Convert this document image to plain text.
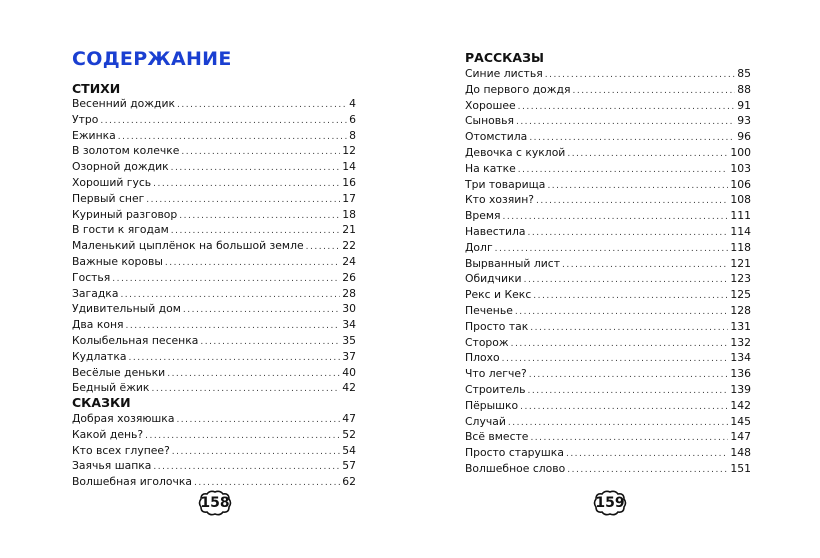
СОДЕРЖАНИЕ
СТИХИ
Весенний дождик .....	4
Утро .....	6
Ежинка .....	8
В золотом колечке .....	12
Озорной дождик .....	14
Хороший гусь .....	16
Первый снег .....	17
Куриный разговор .....	18
В гости к ягодам .....	21
Маленький цыплёнок на большой земле .....	22
Важные коровы .....	24
Гостья .....	26
Загадка .....	28
Удивительный дом .....	30
Два коня .....	34
Колыбельная песенка .....	35
Кудлатка .....	37
Весёлые деньки .....	40
Бедный ёжик .....	42
СКАЗКИ
Добрая хозяюшка .....	47
Какой день? .....	52
Кто всех глупее? .....	54
Заячья шапка .....	57
Волшебная иголочка .....	62
158
РАССКАЗЫ
Синие листья .....	85
До первого дождя .....	88
Хорошее .....	91
Сыновья .....	93
Отомстила .....	96
Девочка с куклой .....	100
На катке .....	103
Три товарища .....	106
Кто хозяин? .....	108
Время .....	111
Навестила .....	114
Долг .....	118
Вырванный лист .....	121
Обидчики .....	123
Рекс и Кекс .....	125
Печенье .....	128
Просто так .....	131
Сторож .....	132
Плохо .....	134
Что легче? .....	136
Строитель .....	139
Пёрышко .....	142
Случай .....	145
Всё вместе .....	147
Просто старушка .....	148
Волшебное слово .....	151
159
